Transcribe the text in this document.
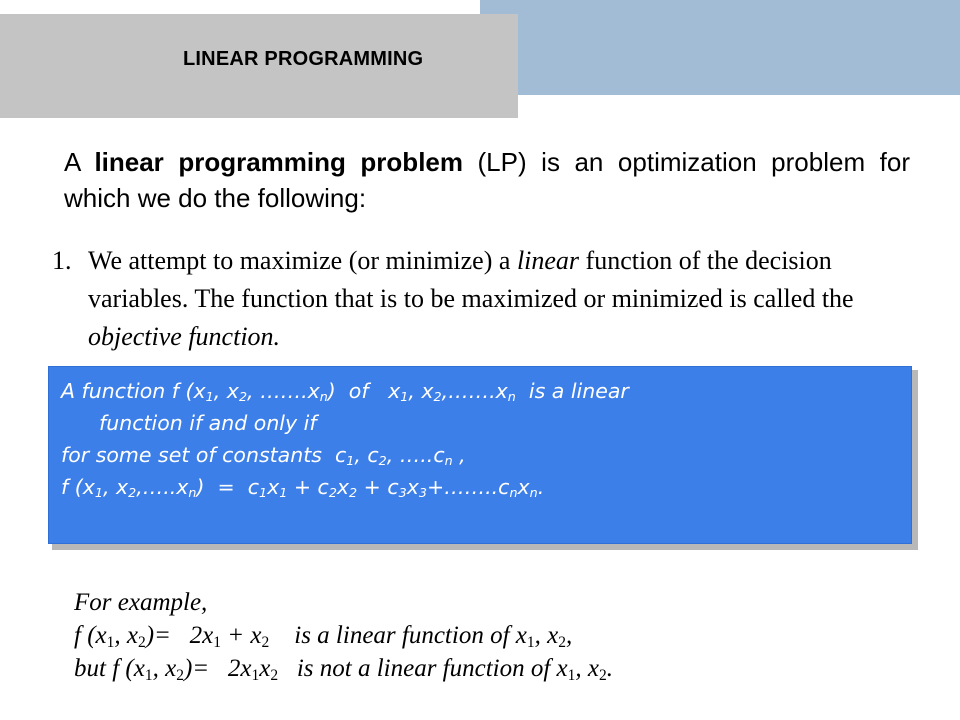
LINEAR PROGRAMMING
A linear programming problem (LP) is an optimization problem for which we do the following:
1. We attempt to maximize (or minimize) a linear function of the decision variables. The function that is to be maximized or minimized is called the objective function.
A function f ($x_1$, $x_2$, $\dots\dots.x_n$)  of   $x_1$, $x_2,\dots\dots.x_n$  is a linear
function if and only if
for some set of constants  $c_1$, $c_2$, $\dots..c_n$ ,
f ($x_1$, $x_2,\dots..x_n) = c_1x_1 + c_2x_2$ + $c_3x_3+\dots\dots..c_nx_n$.
For example,
f ($x_1$, $x_2)= 2x_1 + x_2$    is a linear function of $x_1$, $x_2$,
but f ($x_1$, $x_2)= 2x_1x_2$   is not a linear function of $x_1$, $x_2$.
